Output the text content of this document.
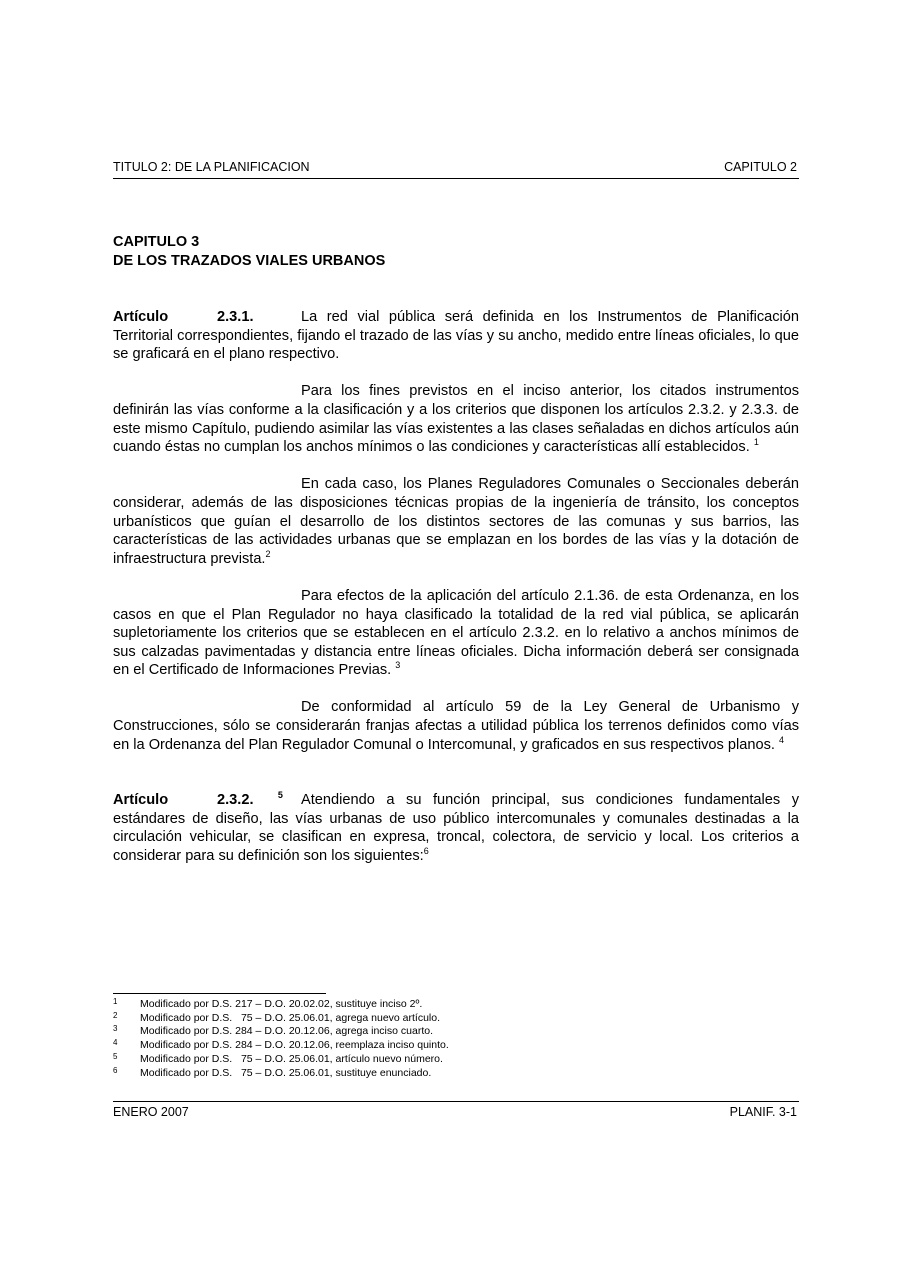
TITULO 2: DE LA PLANIFICACION	CAPITULO 2
CAPITULO 3
DE LOS TRAZADOS VIALES URBANOS

Artículo	2.3.1.	La red vial pública será definida en los Instrumentos de Planificación Territorial correspondientes, fijando el trazado de las vías y su ancho, medido entre líneas oficiales, lo que se graficará en el plano respectivo.

Para los fines previstos en el inciso anterior, los citados instrumentos definirán las vías conforme a la clasificación y a los criterios que disponen los artículos 2.3.2. y 2.3.3. de este mismo Capítulo, pudiendo asimilar las vías existentes a las clases señaladas en dichos artículos aún cuando éstas no cumplan los anchos mínimos o las condiciones y características allí establecidos. $^1$

En cada caso, los Planes Reguladores Comunales o Seccionales deberán considerar, además de las disposiciones técnicas propias de la ingeniería de tránsito, los conceptos urbanísticos que guían el desarrollo de los distintos sectores de las comunas y sus barrios, las características de las actividades urbanas que se emplazan en los bordes de las vías y la dotación de infraestructura prevista.$^2$

Para efectos de la aplicación del artículo 2.1.36. de esta Ordenanza, en los casos en que el Plan Regulador no haya clasificado la totalidad de la red vial pública, se aplicarán supletoriamente los criterios que se establecen en el artículo 2.3.2. en lo relativo a anchos mínimos de sus calzadas pavimentadas y distancia entre líneas oficiales. Dicha información deberá ser consignada en el Certificado de Informaciones Previas. $^3$

De conformidad al artículo 59 de la Ley General de Urbanismo y Construcciones, sólo se considerarán franjas afectas a utilidad pública los terrenos definidos como vías en la Ordenanza del Plan Regulador Comunal o Intercomunal, y graficados en sus respectivos planos. $^4$

Artículo	2.3.2.	$^5$ Atendiendo a su función principal, sus condiciones fundamentales y estándares de diseño, las vías urbanas de uso público intercomunales y comunales destinadas a la circulación vehicular, se clasifican en expresa, troncal, colectora, de servicio y local. Los criterios a considerar para su definición son los siguientes:$^6$

1 Modificado por D.S. 217 – D.O. 20.02.02, sustituye inciso 2º.
2 Modificado por D.S.   75 – D.O. 25.06.01, agrega nuevo artículo.
3 Modificado por D.S. 284 – D.O. 20.12.06, agrega inciso cuarto.
4 Modificado por D.S. 284 – D.O. 20.12.06, reemplaza inciso quinto.
5 Modificado por D.S.   75 – D.O. 25.06.01, artículo nuevo número.
6 Modificado por D.S.   75 – D.O. 25.06.01, sustituye enunciado.
ENERO 2007	PLANIF. 3-1
